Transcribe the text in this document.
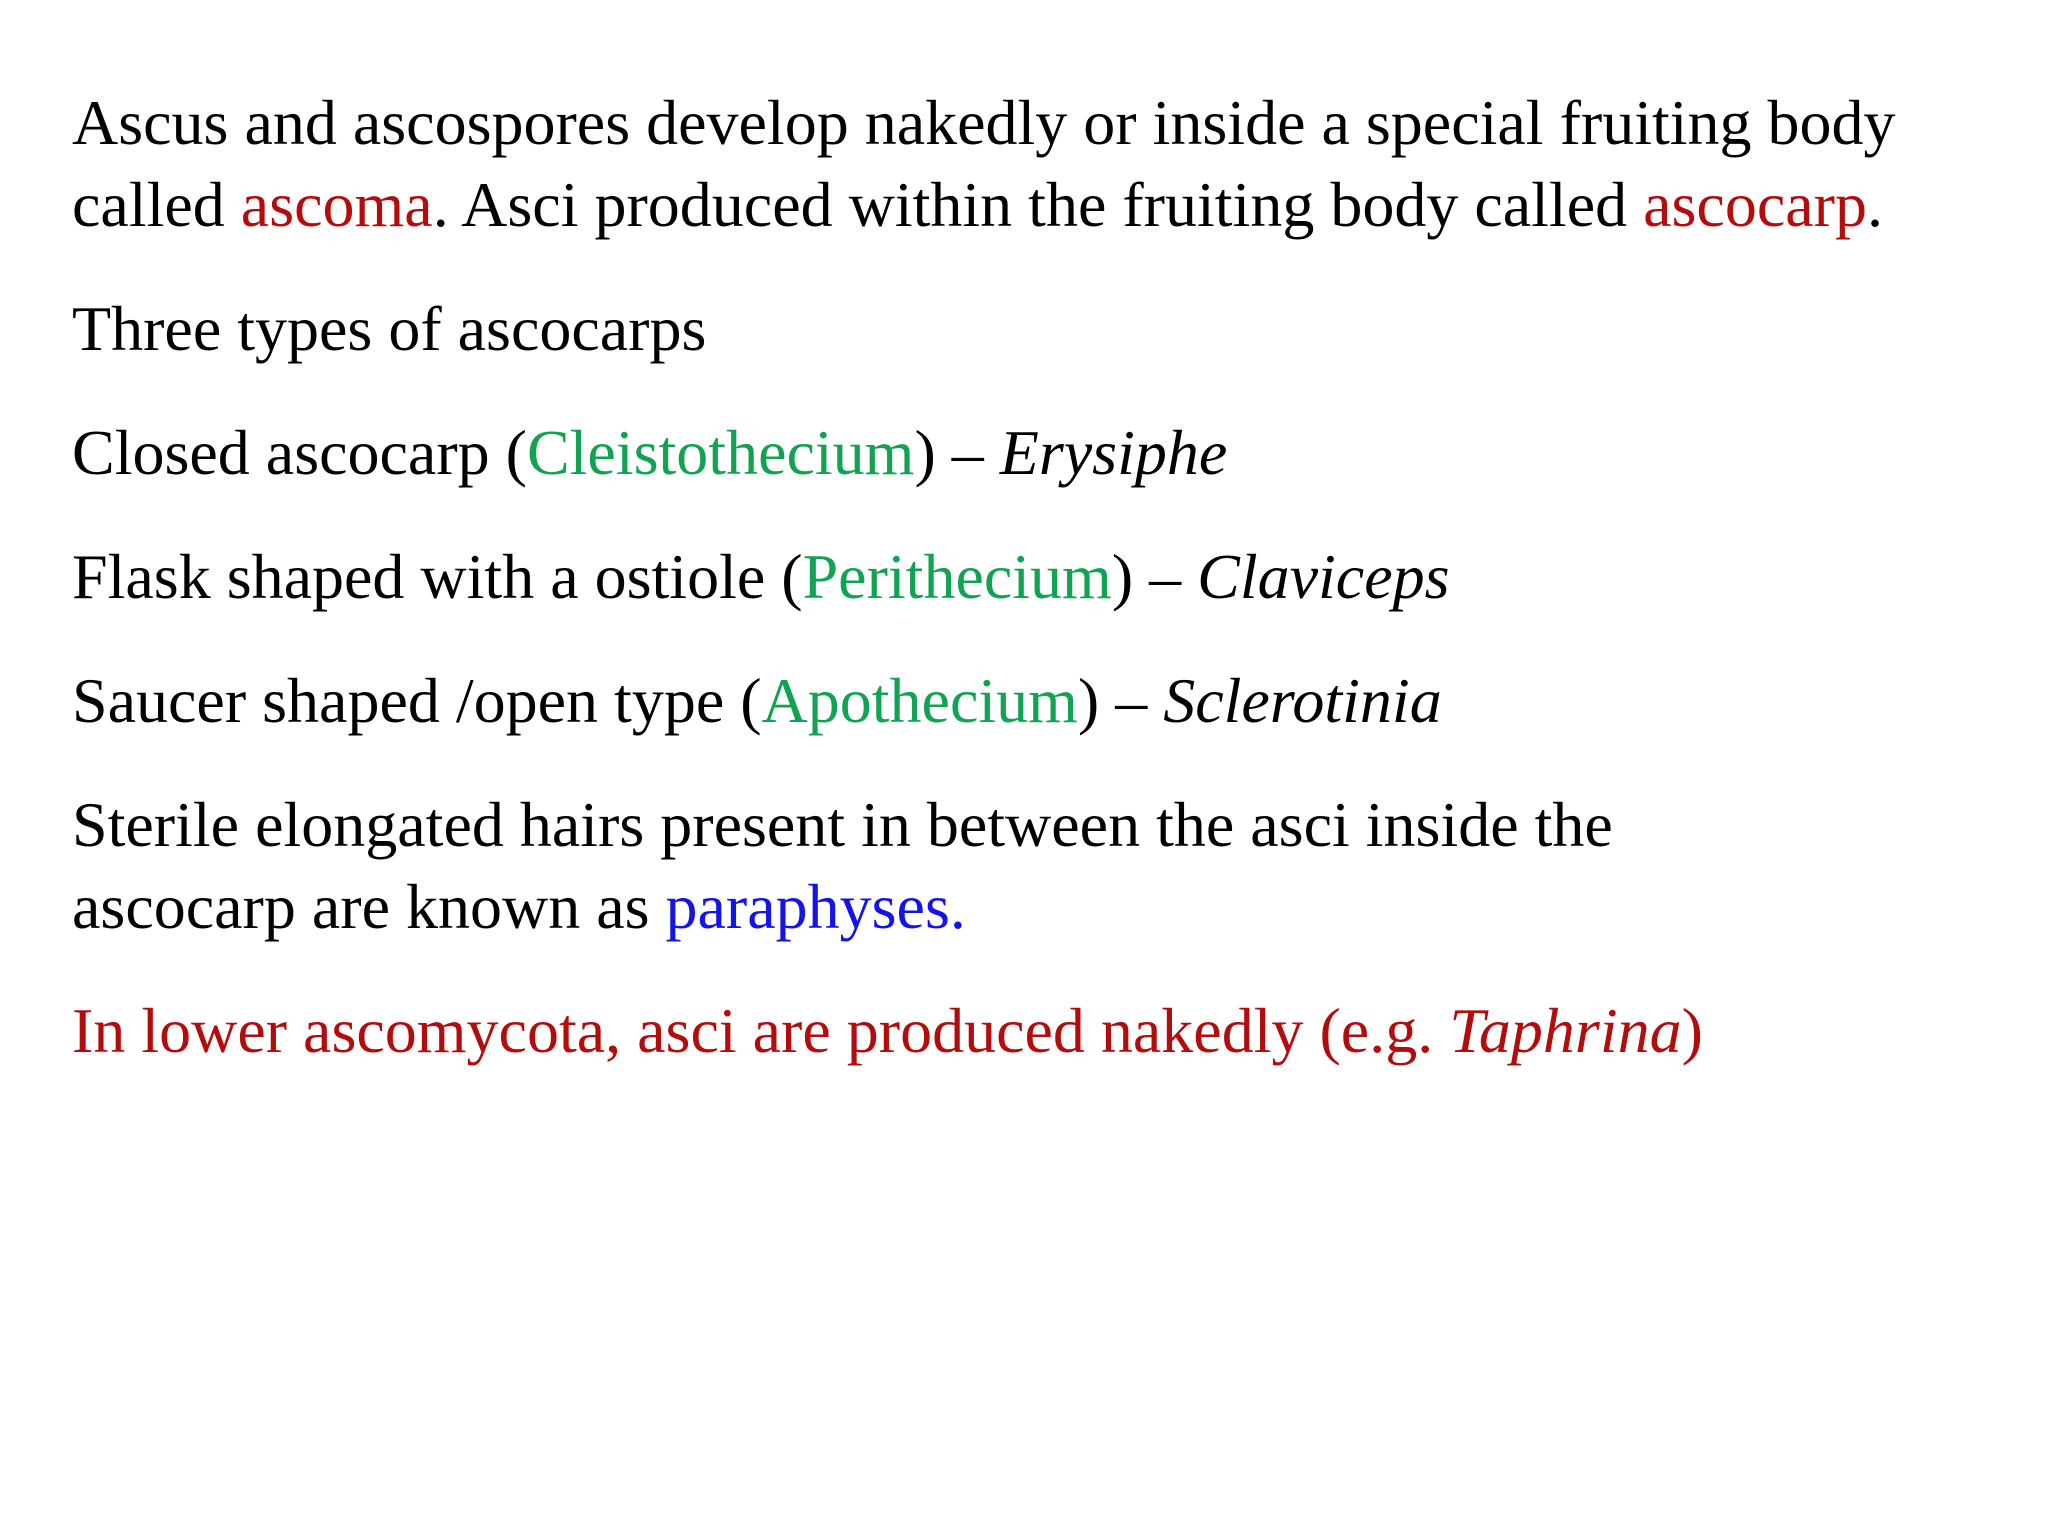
Ascus and ascospores develop nakedly or inside a special fruiting body called ascoma. Asci produced within the fruiting body called ascocarp.

Three types of ascocarps

Closed ascocarp (Cleistothecium) – Erysiphe

Flask shaped with a ostiole (Perithecium) – Claviceps

Saucer shaped /open type (Apothecium) – Sclerotinia

Sterile elongated hairs present in between the asci inside the ascocarp are known as paraphyses.

In lower ascomycota, asci are produced nakedly (e.g. Taphrina)
